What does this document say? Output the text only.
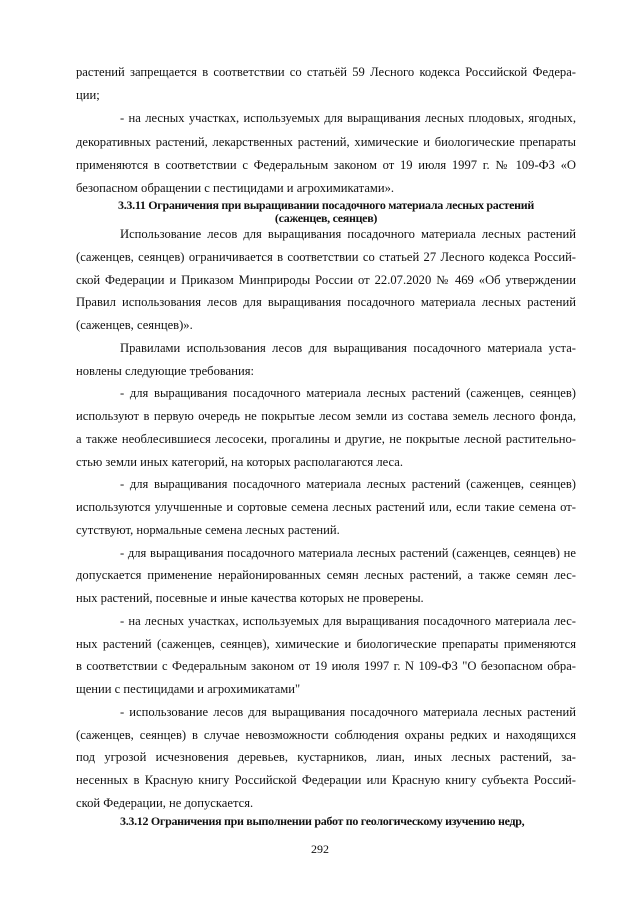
растений запрещается в соответствии со статьёй 59 Лесного кодекса Российской Федера-
ции;
- на лесных участках, используемых для выращивания лесных плодовых, ягодных,
декоративных растений, лекарственных растений, химические и биологические препараты
применяются в соответствии с Федеральным законом от 19 июля 1997 г. № 109-ФЗ «О
безопасном обращении с пестицидами и агрохимикатами».
3.3.11 Ограничения при выращивании посадочного материала лесных растений
(саженцев, сеянцев)
Использование лесов для выращивания посадочного материала лесных растений
(саженцев, сеянцев) ограничивается в соответствии со статьей 27 Лесного кодекса Россий-
ской Федерации и Приказом Минприроды России от 22.07.2020 № 469 «Об утверждении
Правил использования лесов для выращивания посадочного материала лесных растений
(саженцев, сеянцев)».
Правилами использования лесов для выращивания посадочного материала уста-
новлены следующие требования:
- для выращивания посадочного материала лесных растений (саженцев, сеянцев)
используют в первую очередь не покрытые лесом земли из состава земель лесного фонда,
а также необлесившиеся лесосеки, прогалины и другие, не покрытые лесной растительно-
стью земли иных категорий, на которых располагаются леса.
- для выращивания посадочного материала лесных растений (саженцев, сеянцев)
используются улучшенные и сортовые семена лесных растений или, если такие семена от-
сутствуют, нормальные семена лесных растений.
- для выращивания посадочного материала лесных растений (саженцев, сеянцев) не
допускается применение нерайонированных семян лесных растений, а также семян лес-
ных растений, посевные и иные качества которых не проверены.
- на лесных участках, используемых для выращивания посадочного материала лес-
ных растений (саженцев, сеянцев), химические и биологические препараты применяются
в соответствии с Федеральным законом от 19 июля 1997 г. N 109-ФЗ "О безопасном обра-
щении с пестицидами и агрохимикатами"
- использование лесов для выращивания посадочного материала лесных растений
(саженцев, сеянцев) в случае невозможности соблюдения охраны редких и находящихся
под угрозой исчезновения деревьев, кустарников, лиан, иных лесных растений, за-
несенных в Красную книгу Российской Федерации или Красную книгу субъекта Россий-
ской Федерации, не допускается.
3.3.12 Ограничения при выполнении работ по геологическому изучению недр,
292
